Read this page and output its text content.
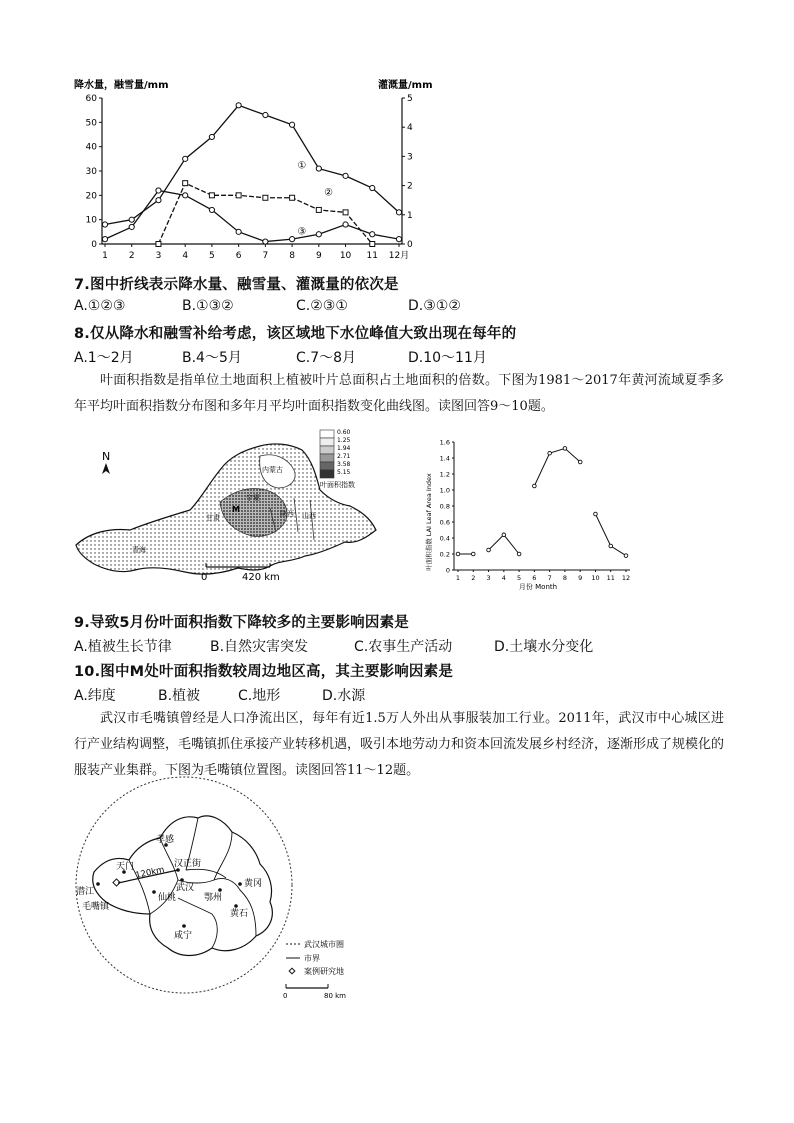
降水量，融雪量/mm	灌溉量/mm
0
10
20
30
40
50
60
0
1
2
3
4
5
1 2 3 4 5 6 7 8 9 10 11 12月
①
②
③
7.图中折线表示降水量、融雪量、灌溉量的依次是
A.①②③	B.①③②	C.②③①	D.③①②
8.仅从降水和融雪补给考虑，该区域地下水位峰值大致出现在每年的
A.1～2月	B.4～5月	C.7～8月	D.10～11月
叶面积指数是指单位土地面积上植被叶片总面积占土地面积的倍数。下图为1981～2017年黄河流域夏季多年平均叶面积指数分布图和多年月平均叶面积指数变化曲线图。读图回答9～10题。
N
内蒙古
M
甘肃
宁夏
陕西 山西
青海
0.60
1.25
1.94
2.71
3.58
5.15
叶面积指数
0	420 km
叶面积指数 LAI Leaf Area Index
月份 Month
0
0.2
0.4
0.6
0.8
1.0
1.2
1.4
1.6
1 2 3 4 5 6 7 8 9 10 11 12
9.导致5月份叶面积指数下降较多的主要影响因素是
A.植被生长节律	B.自然灾害突发	C.农事生产活动	D.土壤水分变化
10.图中M处叶面积指数较周边地区高，其主要影响因素是
A.纬度	B.植被	C.地形	D.水源
武汉市毛嘴镇曾经是人口净流出区，每年有近1.5万人外出从事服装加工行业。2011年，武汉市中心城区进行产业结构调整，毛嘴镇抓住承接产业转移机遇，吸引本地劳动力和资本回流发展乡村经济，逐渐形成了规模化的服装产业集群。下图为毛嘴镇位置图。读图回答11～12题。
120km
孝感
天门	汉正街
潜江
仙桃
武汉
鄂州
黄冈
黄石
咸宁
毛嘴镇
武汉城市圈
市界
案例研究地
0	80 km
